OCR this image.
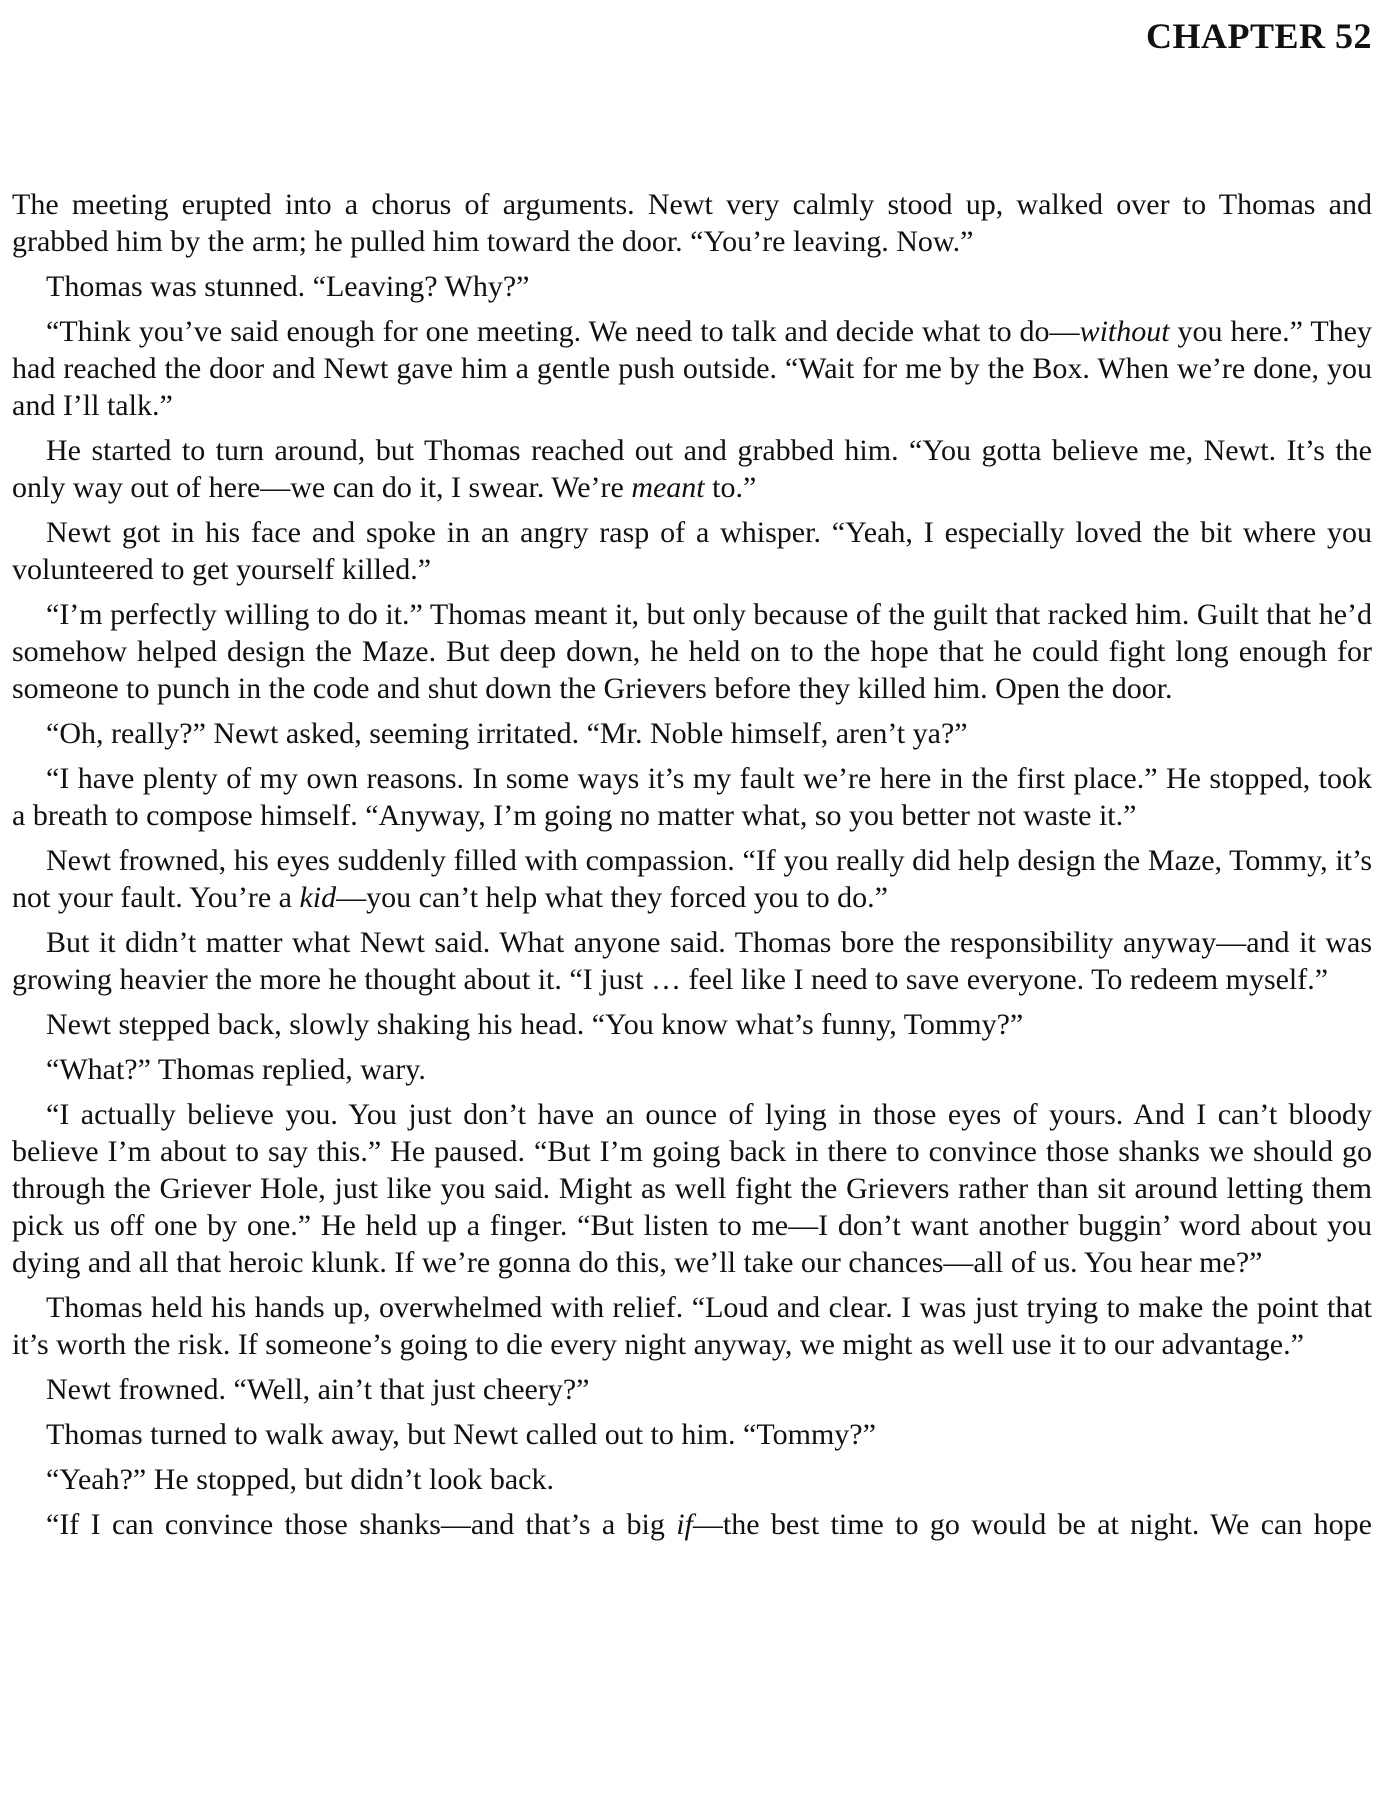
CHAPTER 52

The meeting erupted into a chorus of arguments. Newt very calmly stood up, walked over to Thomas and grabbed him by the arm; he pulled him toward the door. “You’re leaving. Now.”

Thomas was stunned. “Leaving? Why?”

“Think you’ve said enough for one meeting. We need to talk and decide what to do—without you here.” They had reached the door and Newt gave him a gentle push outside. “Wait for me by the Box. When we’re done, you and I’ll talk.”

He started to turn around, but Thomas reached out and grabbed him. “You gotta believe me, Newt. It’s the only way out of here—we can do it, I swear. We’re meant to.”

Newt got in his face and spoke in an angry rasp of a whisper. “Yeah, I especially loved the bit where you volunteered to get yourself killed.”

“I’m perfectly willing to do it.” Thomas meant it, but only because of the guilt that racked him. Guilt that he’d somehow helped design the Maze. But deep down, he held on to the hope that he could fight long enough for someone to punch in the code and shut down the Grievers before they killed him. Open the door.

“Oh, really?” Newt asked, seeming irritated. “Mr. Noble himself, aren’t ya?”

“I have plenty of my own reasons. In some ways it’s my fault we’re here in the first place.” He stopped, took a breath to compose himself. “Anyway, I’m going no matter what, so you better not waste it.”

Newt frowned, his eyes suddenly filled with compassion. “If you really did help design the Maze, Tommy, it’s not your fault. You’re a kid—you can’t help what they forced you to do.”

But it didn’t matter what Newt said. What anyone said. Thomas bore the responsibility anyway—and it was growing heavier the more he thought about it. “I just … feel like I need to save everyone. To redeem myself.”

Newt stepped back, slowly shaking his head. “You know what’s funny, Tommy?”

“What?” Thomas replied, wary.

“I actually believe you. You just don’t have an ounce of lying in those eyes of yours. And I can’t bloody believe I’m about to say this.” He paused. “But I’m going back in there to convince those shanks we should go through the Griever Hole, just like you said. Might as well fight the Grievers rather than sit around letting them pick us off one by one.” He held up a finger. “But listen to me—I don’t want another buggin’ word about you dying and all that heroic klunk. If we’re gonna do this, we’ll take our chances—all of us. You hear me?”

Thomas held his hands up, overwhelmed with relief. “Loud and clear. I was just trying to make the point that it’s worth the risk. If someone’s going to die every night anyway, we might as well use it to our advantage.”

Newt frowned. “Well, ain’t that just cheery?”

Thomas turned to walk away, but Newt called out to him. “Tommy?”

“Yeah?” He stopped, but didn’t look back.

“If I can convince those shanks—and that’s a big if—the best time to go would be at night. We can hope
